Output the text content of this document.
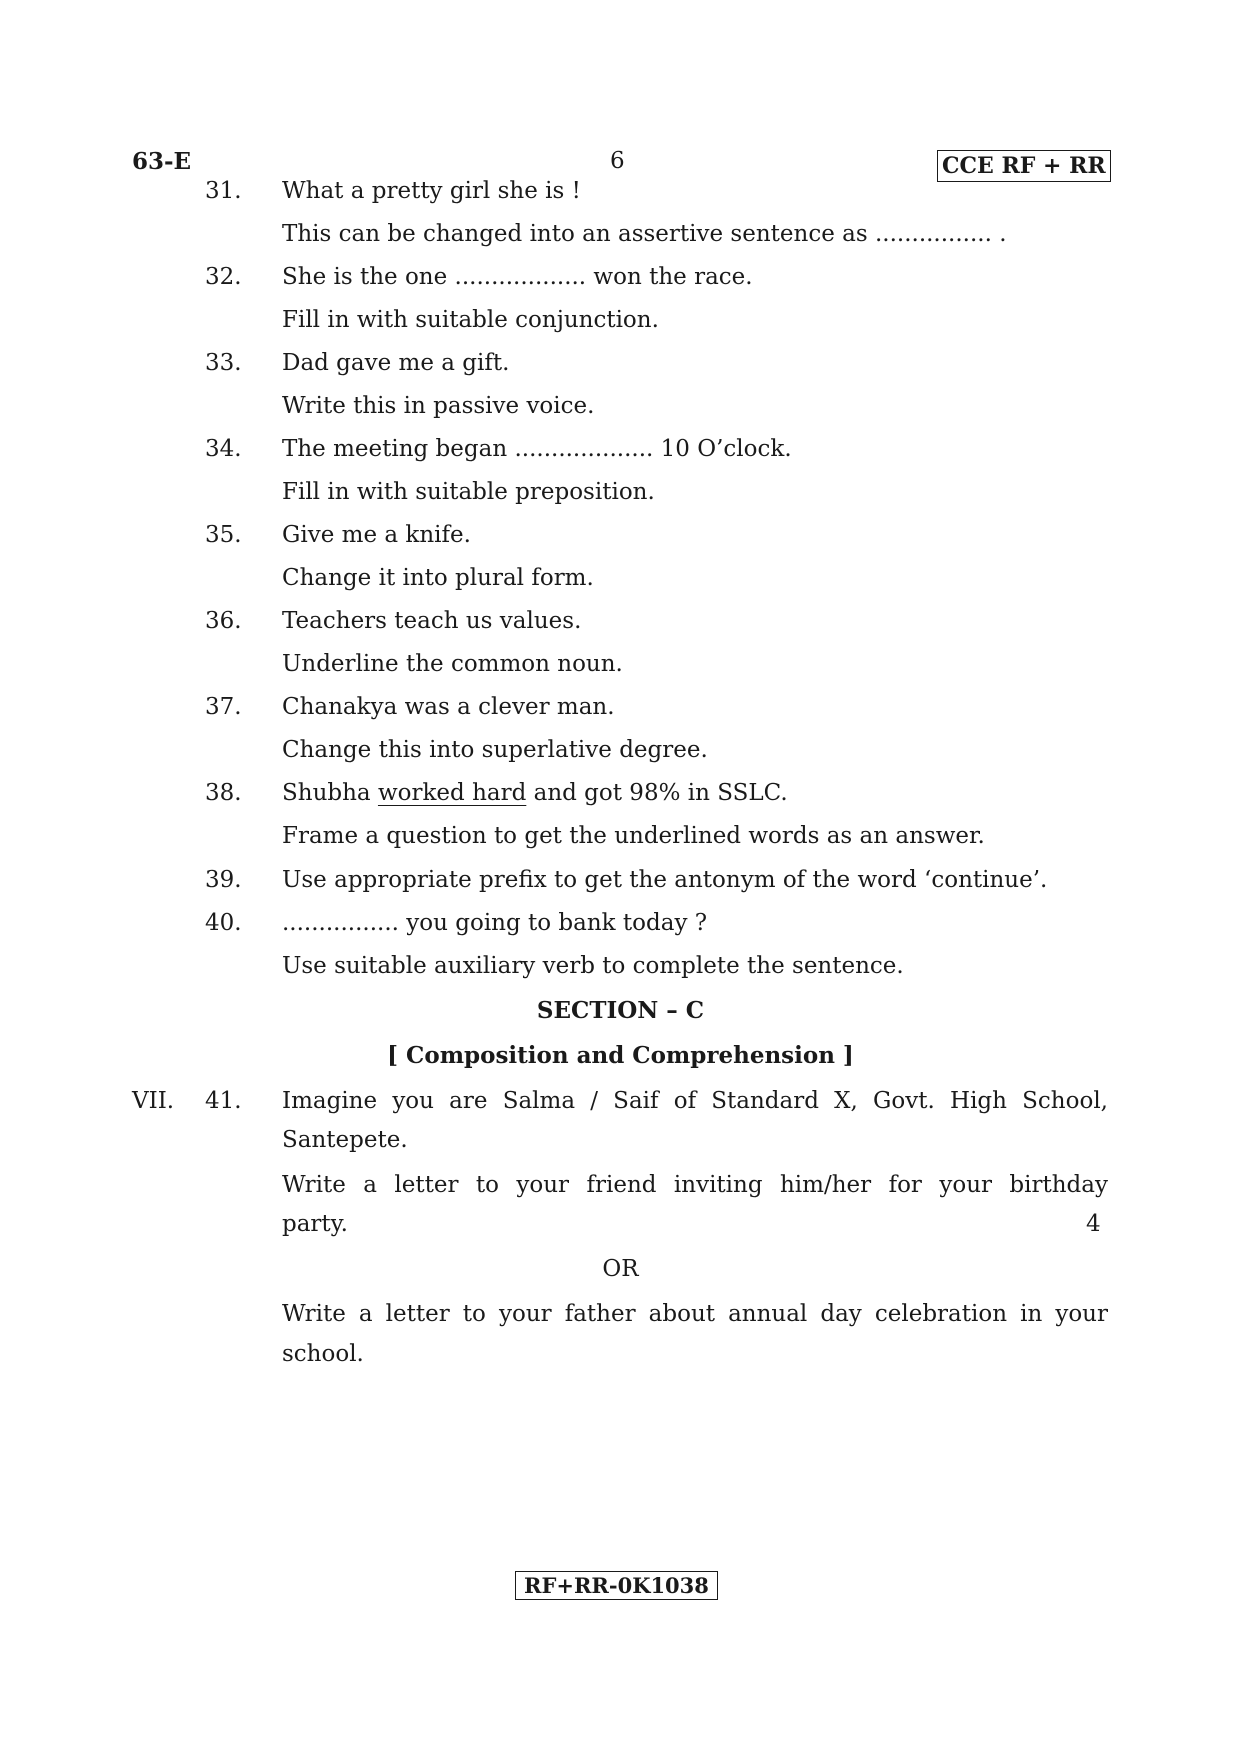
63-E	6	CCE RF + RR
31. What a pretty girl she is !
This can be changed into an assertive sentence as ................ .
32. She is the one .................. won the race.
Fill in with suitable conjunction.
33. Dad gave me a gift.
Write this in passive voice.
34. The meeting began ................... 10 O’clock.
Fill in with suitable preposition.
35. Give me a knife.
Change it into plural form.
36. Teachers teach us values.
Underline the common noun.
37. Chanakya was a clever man.
Change this into superlative degree.
38. Shubha worked hard and got 98% in SSLC.
Frame a question to get the underlined words as an answer.
39. Use appropriate prefix to get the antonym of the word ‘continue’.
40. ................ you going to bank today ?
Use suitable auxiliary verb to complete the sentence.
SECTION – C
[ Composition and Comprehension ]
VII. 41. Imagine you are Salma / Saif of Standard X, Govt. High School,
Santepete.
Write a letter to your friend inviting him/her for your birthday
party.	4
OR
Write a letter to your father about annual day celebration in your
school.
RF+RR-0K1038
